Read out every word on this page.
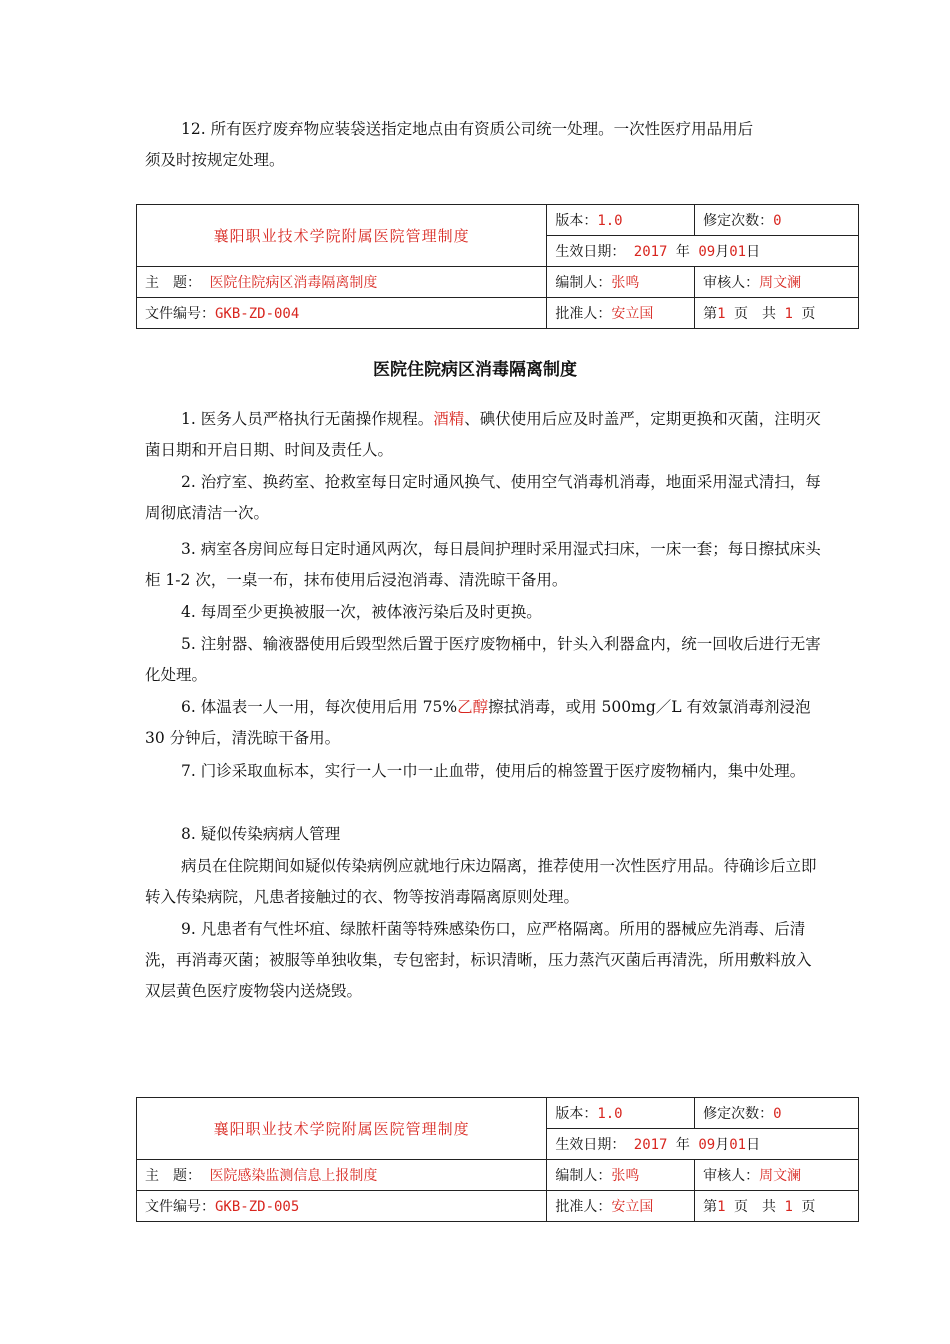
12. 所有医疗废弃物应装袋送指定地点由有资质公司统一处理。一次性医疗用品用后
须及时按规定处理。
襄阳职业技术学院附属医院管理制度	版本：1.0	修定次数：0
	生效日期： 2017 年 09月01日	
主　题： 医院住院病区消毒隔离制度	编制人：张鸣	审核人：周文澜
文件编号：GKB-ZD-004	批准人：安立国	第1 页　共 1 页
医院住院病区消毒隔离制度
1. 医务人员严格执行无菌操作规程。酒精、碘伏使用后应及时盖严，定期更换和灭菌，注明灭菌日期和开启日期、时间及责任人。
2. 治疗室、换药室、抢救室每日定时通风换气、使用空气消毒机消毒，地面采用湿式清扫，每周彻底清洁一次。
3. 病室各房间应每日定时通风两次，每日晨间护理时采用湿式扫床，一床一套；每日擦拭床头柜 1-2 次，一桌一布，抹布使用后浸泡消毒、清洗晾干备用。
4. 每周至少更换被服一次，被体液污染后及时更换。
5. 注射器、输液器使用后毁型然后置于医疗废物桶中，针头入利器盒内，统一回收后进行无害化处理。
6. 体温表一人一用，每次使用后用 75%乙醇擦拭消毒，或用 500mg／L 有效氯消毒剂浸泡 30 分钟后，清洗晾干备用。
7. 门诊采取血标本，实行一人一巾一止血带，使用后的棉签置于医疗废物桶内，集中处理。
8. 疑似传染病病人管理
病员在住院期间如疑似传染病例应就地行床边隔离，推荐使用一次性医疗用品。待确诊后立即转入传染病院，凡患者接触过的衣、物等按消毒隔离原则处理。
9. 凡患者有气性坏疽、绿脓杆菌等特殊感染伤口，应严格隔离。所用的器械应先消毒、后清洗，再消毒灭菌；被服等单独收集，专包密封，标识清晰，压力蒸汽灭菌后再清洗，所用敷料放入双层黄色医疗废物袋内送烧毁。
襄阳职业技术学院附属医院管理制度	版本：1.0	修定次数：0
	生效日期： 2017 年 09月01日	
主　题： 医院感染监测信息上报制度	编制人：张鸣	审核人：周文澜
文件编号：GKB-ZD-005	批准人：安立国	第1 页　共 1 页
